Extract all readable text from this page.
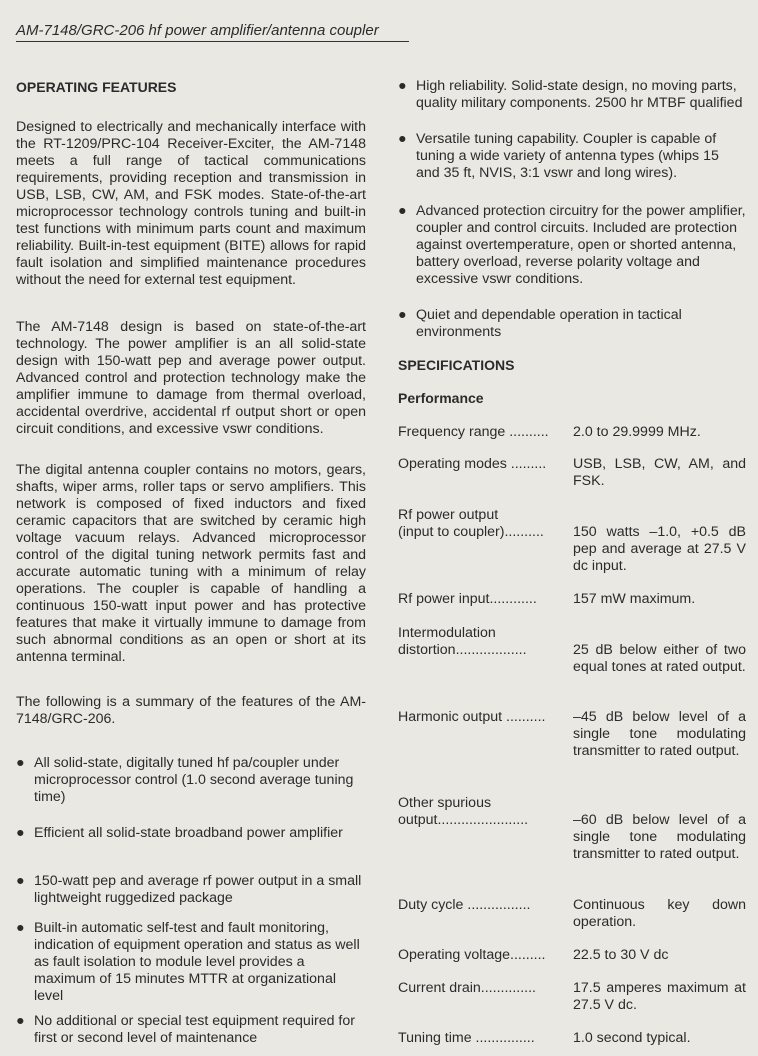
AM-7148/GRC-206 hf power amplifier/antenna coupler
OPERATING FEATURES

Designed to electrically and mechanically interface with the RT-1209/PRC-104 Receiver-Exciter, the AM-7148 meets a full range of tactical communications requirements, providing reception and transmission in USB, LSB, CW, AM, and FSK modes. State-of-the-art microprocessor technology controls tuning and built-in test functions with minimum parts count and maximum reliability. Built-in-test equipment (BITE) allows for rapid fault isolation and simplified maintenance procedures without the need for external test equipment.

The AM-7148 design is based on state-of-the-art technology. The power amplifier is an all solid-state design with 150-watt pep and average power output. Advanced control and protection technology make the amplifier immune to damage from thermal overload, accidental overdrive, accidental rf output short or open circuit conditions, and excessive vswr conditions.

The digital antenna coupler contains no motors, gears, shafts, wiper arms, roller taps or servo amplifiers. This network is composed of fixed inductors and fixed ceramic capacitors that are switched by ceramic high voltage vacuum relays. Advanced microprocessor control of the digital tuning network permits fast and accurate automatic tuning with a minimum of relay operations. The coupler is capable of handling a continuous 150-watt input power and has protective features that make it virtually immune to damage from such abnormal conditions as an open or short at its antenna terminal.

The following is a summary of the features of the AM-7148/GRC-206.

● All solid-state, digitally tuned hf pa/coupler under microprocessor control (1.0 second average tuning time)
● Efficient all solid-state broadband power amplifier
● 150-watt pep and average rf power output in a small lightweight ruggedized package
● Built-in automatic self-test and fault monitoring, indication of equipment operation and status as well as fault isolation to module level provides a maximum of 15 minutes MTTR at organizational level
● No additional or special test equipment required for first or second level of maintenance
● High reliability. Solid-state design, no moving parts, quality military components. 2500 hr MTBF qualified
● Versatile tuning capability. Coupler is capable of tuning a wide variety of antenna types (whips 15 and 35 ft, NVIS, 3:1 vswr and long wires).
● Advanced protection circuitry for the power amplifier, coupler and control circuits. Included are protection against overtemperature, open or shorted antenna, battery overload, reverse polarity voltage and excessive vswr conditions.
● Quiet and dependable operation in tactical environments
SPECIFICATIONS
Performance
Frequency range ..........	2.0 to 29.9999 MHz.
Operating modes .........	USB, LSB, CW, AM, and FSK.
Rf power output
(input to coupler)..........	150 watts –1.0, +0.5 dB pep and average at 27.5 V dc input.
Rf power input............	157 mW maximum.
Intermodulation
distortion..................	25 dB below either of two equal tones at rated output.
Harmonic output ..........	–45 dB below level of a single tone modulating transmitter to rated output.
Other spurious
output.......................	–60 dB below level of a single tone modulating transmitter to rated output.
Duty cycle ................	Continuous key down operation.
Operating voltage.........	22.5 to 30 V dc
Current drain..............	17.5 amperes maximum at 27.5 V dc.
Tuning time ...............	1.0 second typical.
